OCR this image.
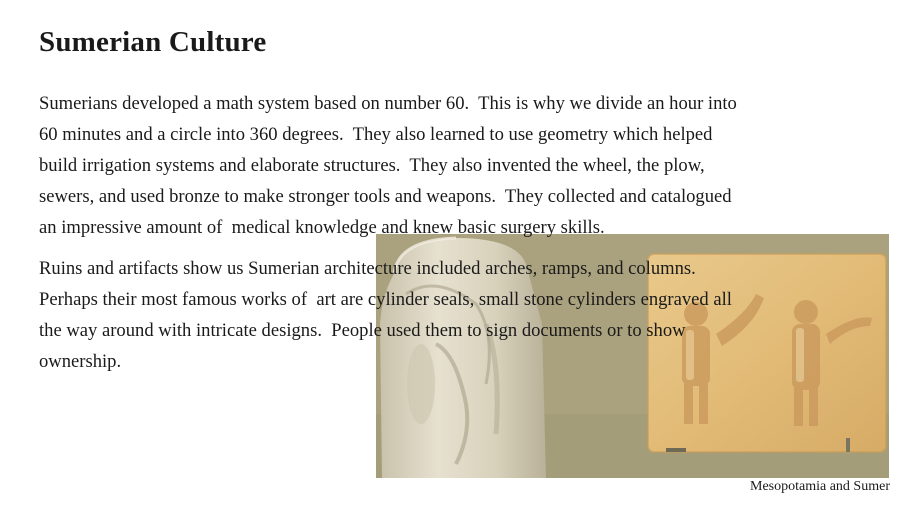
Sumerian Culture

Sumerians developed a math system based on number 60.  This is why we divide an hour into
60 minutes and a circle into 360 degrees.  They also learned to use geometry which helped
build irrigation systems and elaborate structures.  They also invented the wheel, the plow,
sewers, and used bronze to make stronger tools and weapons.  They collected and catalogued
an impressive amount of  medical knowledge and knew basic surgery skills.

Ruins and artifacts show us Sumerian architecture included arches, ramps, and columns.
Perhaps their most famous works of  art are cylinder seals, small stone cylinders engraved all
the way around with intricate designs.  People used them to sign documents or to show
ownership.

Mesopotamia and Sumer
